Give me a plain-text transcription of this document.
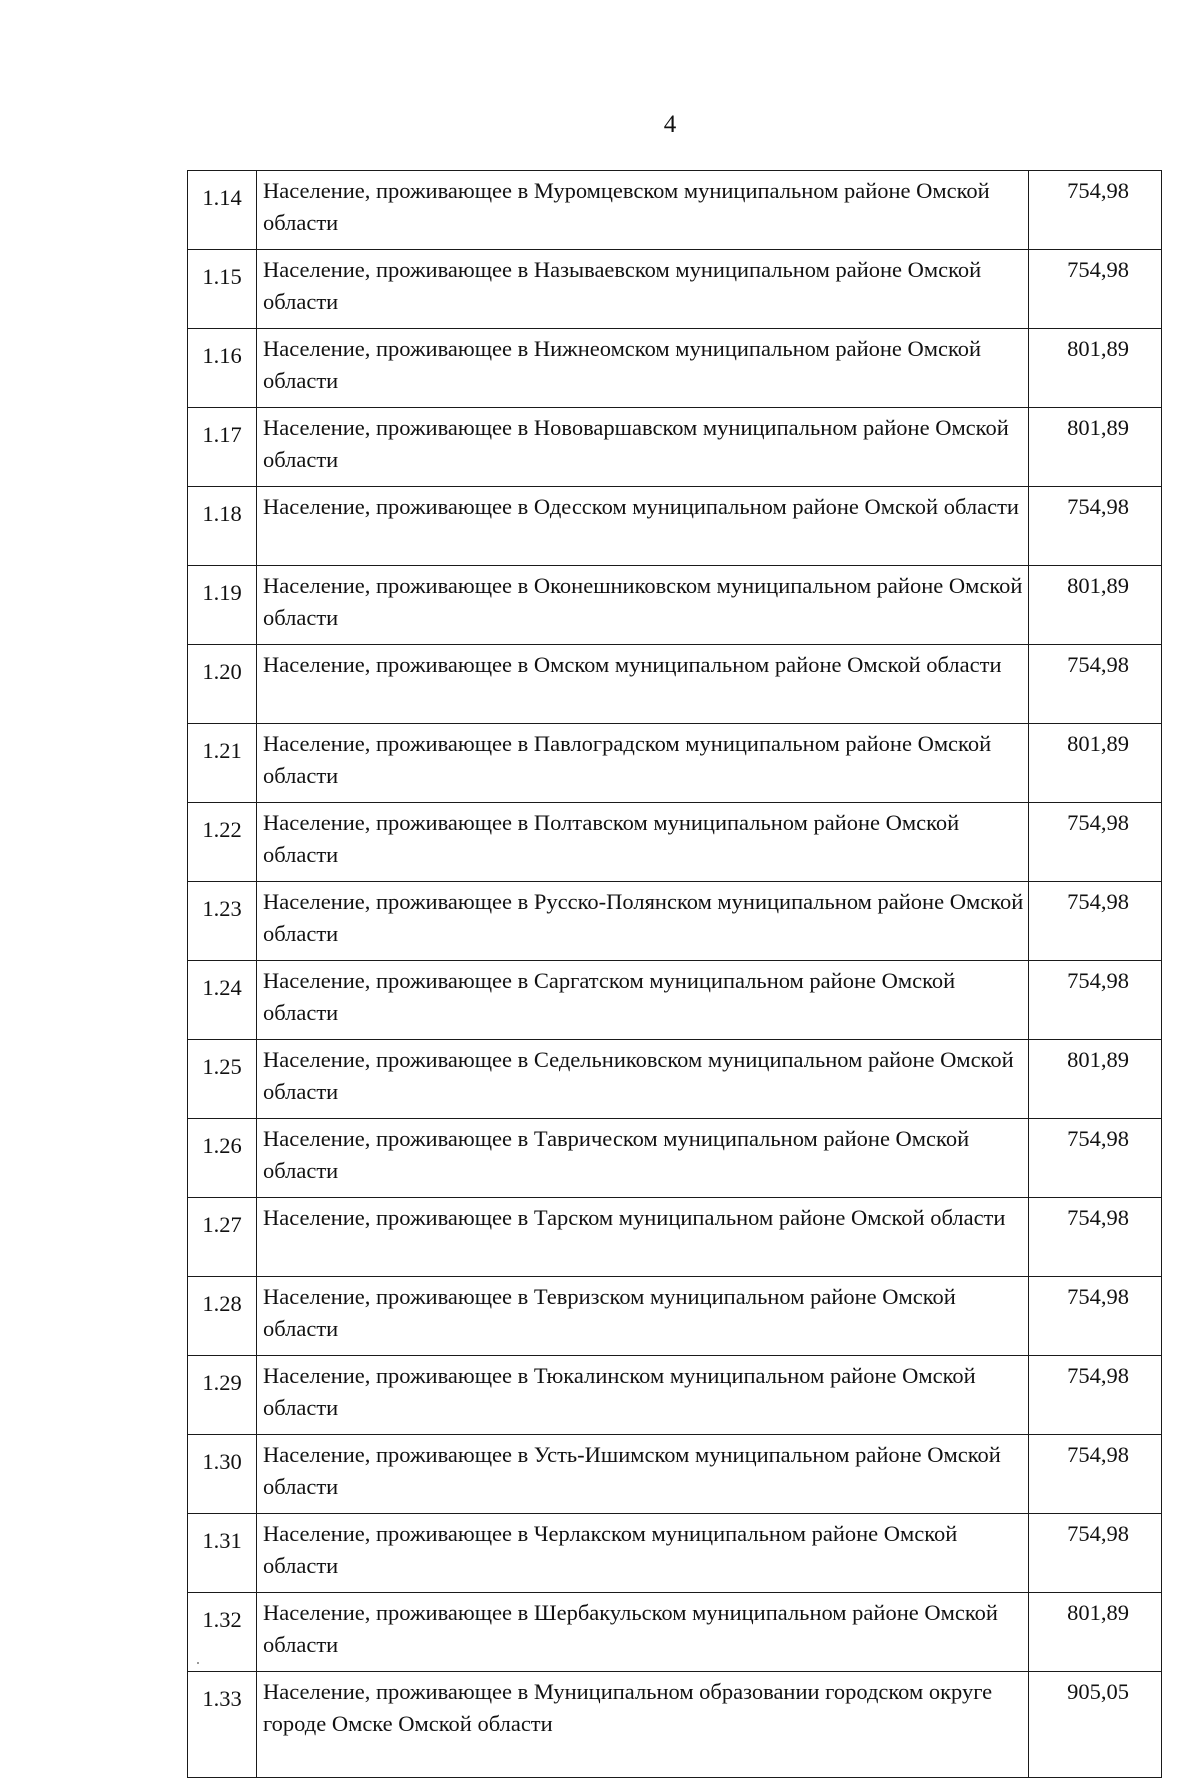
4
1.14	Население, проживающее в Муромцевском муниципальном районе Омской области	754,98
1.15	Население, проживающее в Называевском муниципальном районе Омской области	754,98
1.16	Население, проживающее в Нижнеомском муниципальном районе Омской области	801,89
1.17	Население, проживающее в Нововаршавском муниципальном районе Омской области	801,89
1.18	Население, проживающее в Одесском муниципальном районе Омской области	754,98
1.19	Население, проживающее в Оконешниковском муниципальном районе Омской области	801,89
1.20	Население, проживающее в Омском муниципальном районе Омской области	754,98
1.21	Население, проживающее в Павлоградском муниципальном районе Омской области	801,89
1.22	Население, проживающее в Полтавском муниципальном районе Омской области	754,98
1.23	Население, проживающее в Русско-Полянском муниципальном районе Омской области	754,98
1.24	Население, проживающее в Саргатском муниципальном районе Омской области	754,98
1.25	Население, проживающее в Седельниковском муниципальном районе Омской области	801,89
1.26	Население, проживающее в Таврическом муниципальном районе Омской области	754,98
1.27	Население, проживающее в Тарском муниципальном районе Омской области	754,98
1.28	Население, проживающее в Тевризском муниципальном районе Омской области	754,98
1.29	Население, проживающее в Тюкалинском муниципальном районе Омской области	754,98
1.30	Население, проживающее в Усть-Ишимском муниципальном районе Омской области	754,98
1.31	Население, проживающее в Черлакском муниципальном районе Омской области	754,98
1.32	Население, проживающее в Шербакульском муниципальном районе Омской области	801,89
1.33	Население, проживающее в Муниципальном образовании городском округе городе Омске Омской области	905,05
